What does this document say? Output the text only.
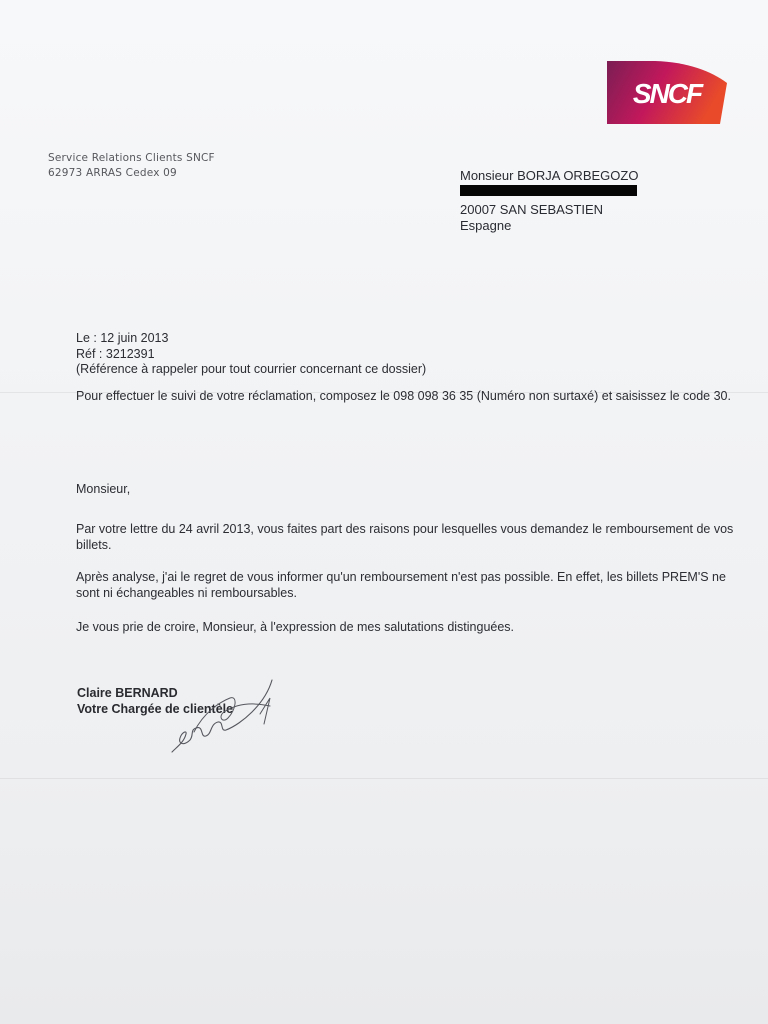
SNCF
Service Relations Clients SNCF
62973 ARRAS Cedex 09	Monsieur BORJA ORBEGOZO
20007 SAN SEBASTIEN
Espagne
Le : 12 juin 2013
Réf : 3212391
(Référence à rappeler pour tout courrier concernant ce dossier)
Pour effectuer le suivi de votre réclamation, composez le 098 098 36 35 (Numéro non surtaxé) et saisissez le code 30.
Monsieur,
Par votre lettre du 24 avril 2013, vous faites part des raisons pour lesquelles vous demandez le remboursement de vos billets.
Après analyse, j'ai le regret de vous informer qu'un remboursement n'est pas possible. En effet, les billets PREM'S ne sont ni échangeables ni remboursables.
Je vous prie de croire, Monsieur, à l'expression de mes salutations distinguées.
Claire BERNARD
Votre Chargée de clientèle
